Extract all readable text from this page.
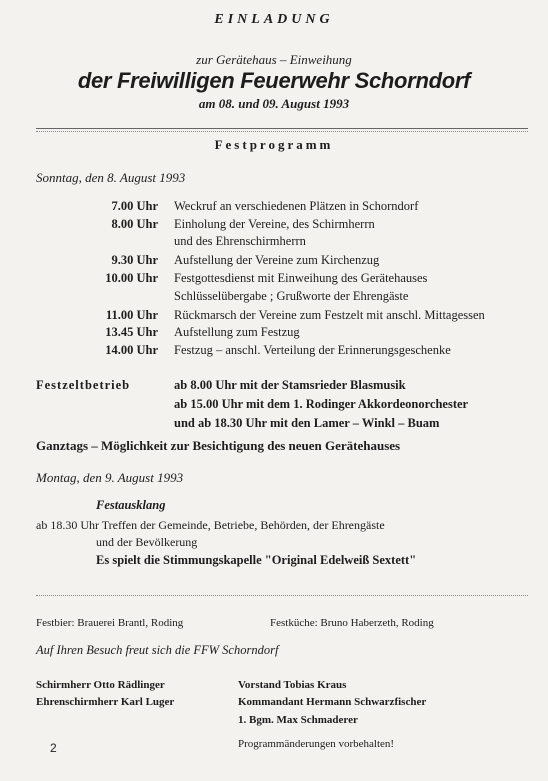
EINLADUNG
zur Gerätehaus – Einweihung
der Freiwilligen Feuerwehr Schorndorf
am 08. und 09. August 1993
Festprogramm
Sonntag, den 8. August 1993
7.00 Uhr Weckruf an verschiedenen Plätzen in Schorndorf
8.00 Uhr Einholung der Vereine, des Schirmherrn
und des Ehrenschirmherrn
9.30 Uhr Aufstellung der Vereine zum Kirchenzug
10.00 Uhr Festgottesdienst mit Einweihung des Gerätehauses
Schlüsselübergabe ; Grußworte der Ehrengäste
11.00 Uhr Rückmarsch der Vereine zum Festzelt mit anschl. Mittagessen
13.45 Uhr Aufstellung zum Festzug
14.00 Uhr Festzug – anschl. Verteilung der Erinnerungsgeschenke
Festzeltbetrieb	ab 8.00 Uhr mit der Stamsrieder Blasmusik
ab 15.00 Uhr mit dem 1. Rodinger Akkordeonorchester
und ab 18.30 Uhr mit den Lamer – Winkl – Buam
Ganztags – Möglichkeit zur Besichtigung des neuen Gerätehauses
Montag, den 9. August 1993
Festausklang
ab 18.30 Uhr Treffen der Gemeinde, Betriebe, Behörden, der Ehrengäste
und der Bevölkerung
Es spielt die Stimmungskapelle "Original Edelweiß Sextett"
Festbier: Brauerei Brantl, Roding	Festküche: Bruno Haberzeth, Roding
Auf Ihren Besuch freut sich die FFW Schorndorf
Schirmherr Otto Rädlinger
Ehrenschirmherr Karl Luger
Vorstand Tobias Kraus
Kommandant Hermann Schwarzfischer
1. Bgm. Max Schmaderer
2	Programmänderungen vorbehalten!
